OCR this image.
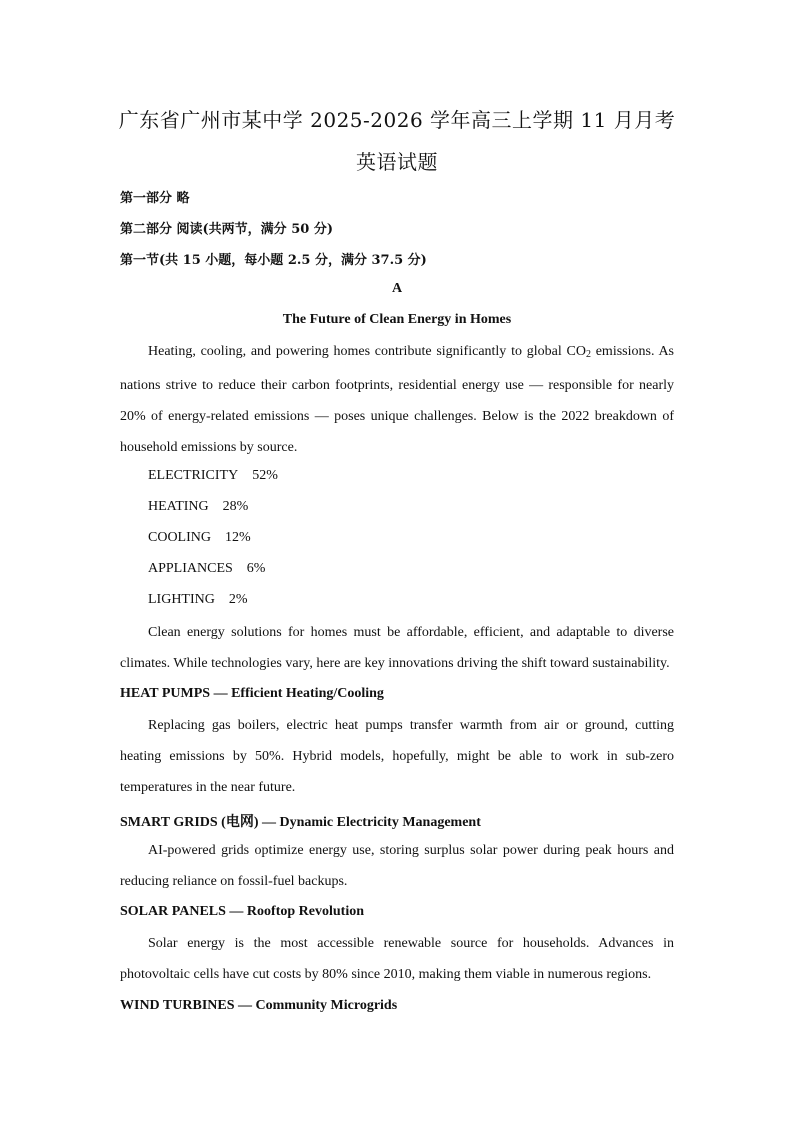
广东省广州市某中学 2025-2026 学年高三上学期 11 月月考
英语试题
第一部分 略
第二部分 阅读(共两节，满分 50 分)
第一节(共 15 小题，每小题 2.5 分，满分 37.5 分)
A
The Future of Clean Energy in Homes

Heating, cooling, and powering homes contribute significantly to global $CO_2$ emissions. As nations strive to reduce their carbon footprints, residential energy use — responsible for nearly 20% of energy-related emissions — poses unique challenges. Below is the 2022 breakdown of household emissions by source.

ELECTRICITY 52%
HEATING 28%
COOLING 12%
APPLIANCES 6%
LIGHTING 2%

Clean energy solutions for homes must be affordable, efficient, and adaptable to diverse climates. While technologies vary, here are key innovations driving the shift toward sustainability.

HEAT PUMPS — Efficient Heating/Cooling

Replacing gas boilers, electric heat pumps transfer warmth from air or ground, cutting heating emissions by 50%. Hybrid models, hopefully, might be able to work in sub-zero temperatures in the near future.

SMART GRIDS (电网) — Dynamic Electricity Management

AI-powered grids optimize energy use, storing surplus solar power during peak hours and reducing reliance on fossil-fuel backups.

SOLAR PANELS — Rooftop Revolution

Solar energy is the most accessible renewable source for households. Advances in photovoltaic cells have cut costs by 80% since 2010, making them viable in numerous regions.

WIND TURBINES — Community Microgrids
